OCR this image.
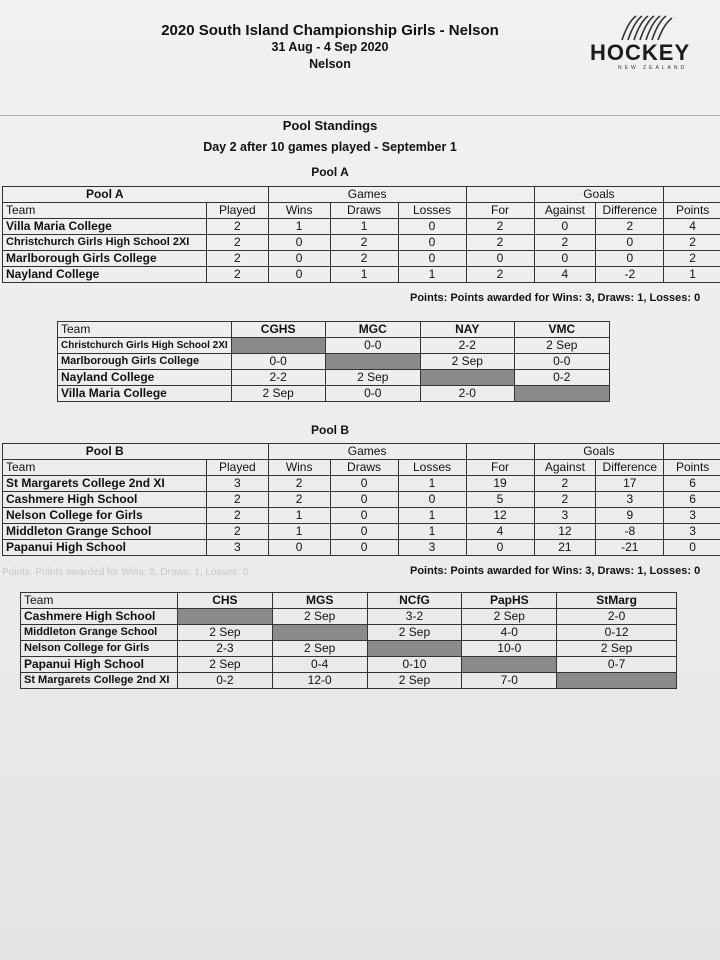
2020 South Island Championship Girls - Nelson
31 Aug - 4 Sep 2020
Nelson	HOCKEY
NEW ZEALAND
Pool Standings
Day 2 after 10 games played - September 1
Pool A
Pool A		Games				Goals		
Team	Played	Wins	Draws	Losses	For	Against	Difference	Points
Villa Maria College	2	1	1	0	2	0	2	4
Christchurch Girls High School 2XI	2	0	2	0	2	2	0	2
Marlborough Girls College	2	0	2	0	0	0	0	2
Nayland College	2	0	1	1	2	4	-2	1
Points: Points awarded for Wins: 3, Draws: 1, Losses: 0
Team	CGHS	MGC	NAY	VMC
Christchurch Girls High School 2XI		0-0	2-2	2 Sep
Marlborough Girls College	0-0		2 Sep	0-0
Nayland College	2-2	2 Sep		0-2
Villa Maria College	2 Sep	0-0	2-0	
Pool B
Pool B		Games				Goals		
Team	Played	Wins	Draws	Losses	For	Against	Difference	Points
St Margarets College 2nd XI	3	2	0	1	19	2	17	6
Cashmere High School	2	2	0	0	5	2	3	6
Nelson College for Girls	2	1	0	1	12	3	9	3
Middleton Grange School	2	1	0	1	4	12	-8	3
Papanui High School	3	0	0	3	0	21	-21	0
Points: Points awarded for Wins: 3, Draws: 1, Losses: 0	Points: Points awarded for Wins: 3, Draws: 1, Losses: 0
Team	CHS	MGS	NCfG	PapHS	StMarg
Cashmere High School		2 Sep	3-2	2 Sep	2-0
Middleton Grange School	2 Sep		2 Sep	4-0	0-12
Nelson College for Girls	2-3	2 Sep		10-0	2 Sep
Papanui High School	2 Sep	0-4	0-10		0-7
St Margarets College 2nd XI	0-2	12-0	2 Sep	7-0	
